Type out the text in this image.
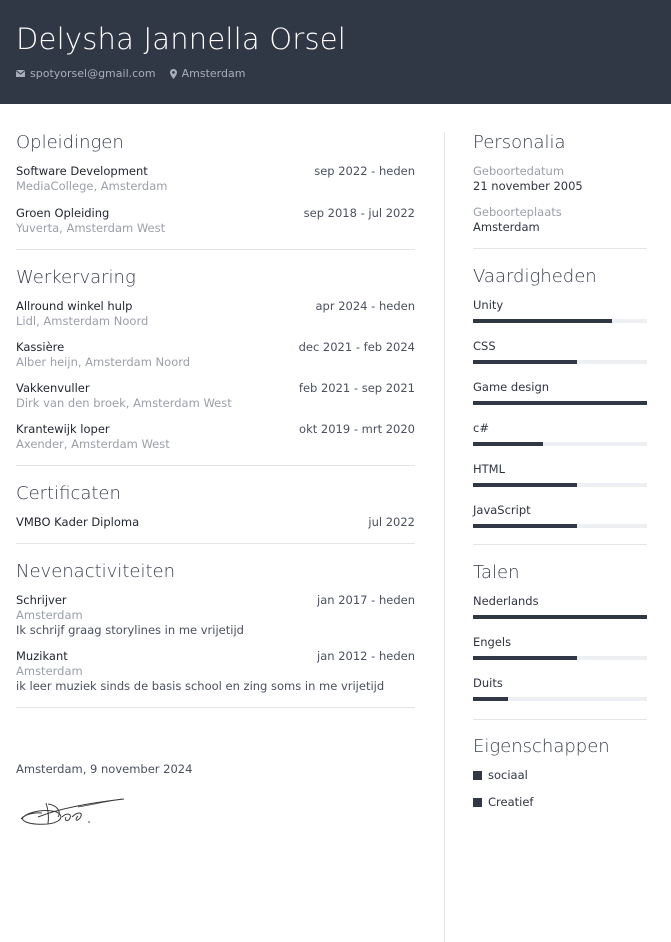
Delysha Jannella Orsel
spotyorsel@gmail.com Amsterdam
Opleidingen
Software Development	sep 2022 - heden
MediaCollege, Amsterdam
Groen Opleiding	sep 2018 - jul 2022
Yuverta, Amsterdam West
Werkervaring
Allround winkel hulp	apr 2024 - heden
Lidl, Amsterdam Noord
Kassière	dec 2021 - feb 2024
Alber heijn, Amsterdam Noord
Vakkenvuller	feb 2021 - sep 2021
Dirk van den broek, Amsterdam West
Krantewijk loper	okt 2019 - mrt 2020
Axender, Amsterdam West
Certificaten
VMBO Kader Diploma	jul 2022
Nevenactiviteiten
Schrijver	jan 2017 - heden
Amsterdam
Ik schrijf graag storylines in me vrijetijd
Muzikant	jan 2012 - heden
Amsterdam
ik leer muziek sinds de basis school en zing soms in me vrijetijd
Amsterdam, 9 november 2024
Personalia
Geboortedatum
21 november 2005
Geboorteplaats
Amsterdam
Vaardigheden
Unity
CSS
Game design
c#
HTML
JavaScript
Talen
Nederlands
Engels
Duits
Eigenschappen
sociaal
Creatief
